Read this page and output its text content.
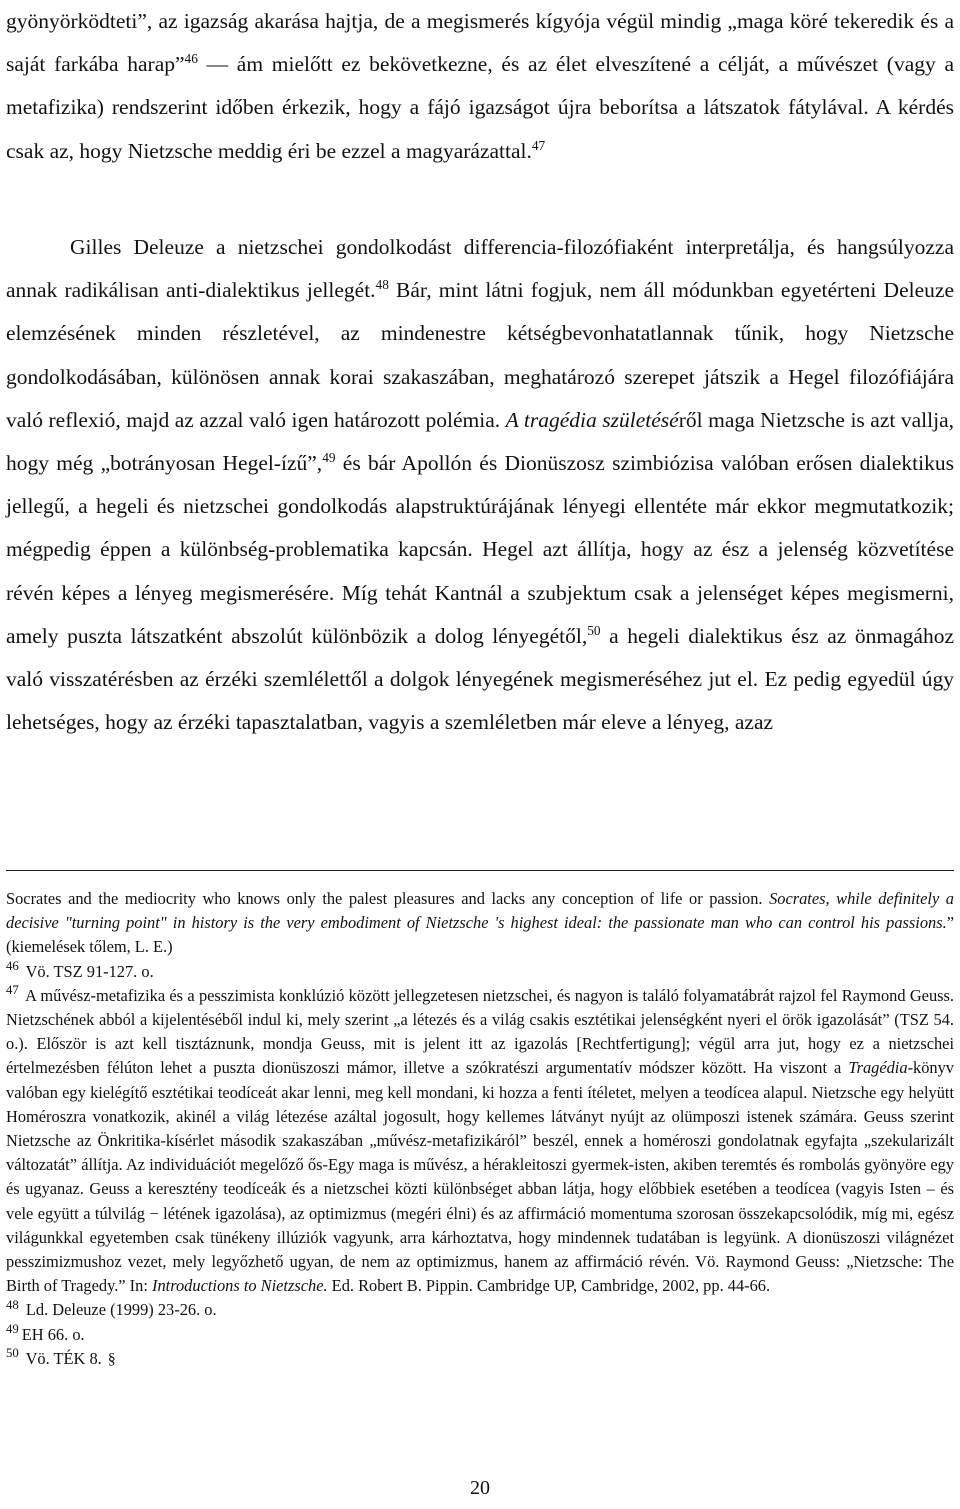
gyönyörködteti”, az igazság akarása hajtja, de a megismerés kígyója végül mindig „maga köré tekeredik és a saját farkába harap”$^{46}$ — ám mielőtt ez bekövetkezne, és az élet elveszítené a célját, a művészet (vagy a metafizika) rendszerint időben érkezik, hogy a fájó igazságot újra beborítsa a látszatok fátylával. A kérdés csak az, hogy Nietzsche meddig éri be ezzel a magyarázattal.$^{47}$

Gilles Deleuze a nietzschei gondolkodást differencia-filozófiaként interpretálja, és hangsúlyozza annak radikálisan anti-dialektikus jellegét.$^{48}$ Bár, mint látni fogjuk, nem áll módunkban egyetérteni Deleuze elemzésének minden részletével, az mindenestre kétségbevonhatatlannak tűnik, hogy Nietzsche gondolkodásában, különösen annak korai szakaszában, meghatározó szerepet játszik a Hegel filozófiájára való reflexió, majd az azzal való igen határozott polémia. A tragédia születéséről maga Nietzsche is azt vallja, hogy még „botrányosan Hegel-ízű”,$^{49}$ és bár Apollón és Dionüszosz szimbiózisa valóban erősen dialektikus jellegű, a hegeli és nietzschei gondolkodás alapstruktúrájának lényegi ellentéte már ekkor megmutatkozik; mégpedig éppen a különbség-problematika kapcsán. Hegel azt állítja, hogy az ész a jelenség közvetítése révén képes a lényeg megismerésére. Míg tehát Kantnál a szubjektum csak a jelenséget képes megismerni, amely puszta látszatként abszolút különbözik a dolog lényegétől,$^{50}$ a hegeli dialektikus ész az önmagához való visszatérésben az érzéki szemlélettől a dolgok lényegének megismeréséhez jut el. Ez pedig egyedül úgy lehetséges, hogy az érzéki tapasztalatban, vagyis a szemléletben már eleve a lényeg, azaz

Socrates and the mediocrity who knows only the palest pleasures and lacks any conception of life or passion. Socrates, while definitely a decisive "turning point" in history is the very embodiment of Nietzsche 's highest ideal: the passionate man who can control his passions.” (kiemelések tőlem, L. E.)

$^{46}$ Vö. TSZ 91-127. o.

$^{47}$ A művész-metafizika és a pesszimista konklúzió között jellegzetesen nietzschei, és nagyon is találó folyamatábrát rajzol fel Raymond Geuss. Nietzschének abból a kijelentéséből indul ki, mely szerint „a létezés és a világ csakis esztétikai jelenségként nyeri el örök igazolását” (TSZ 54. o.). Először is azt kell tisztáznunk, mondja Geuss, mit is jelent itt az igazolás [Rechtfertigung]; végül arra jut, hogy ez a nietzschei értelmezésben félúton lehet a puszta dionüszoszi mámor, illetve a szókratészi argumentatív módszer között. Ha viszont a Tragédia-könyv valóban egy kielégítő esztétikai teodíceát akar lenni, meg kell mondani, ki hozza a fenti ítéletet, melyen a teodícea alapul. Nietzsche egy helyütt Homéroszra vonatkozik, akinél a világ létezése azáltal jogosult, hogy kellemes látványt nyújt az olümposzi istenek számára. Geuss szerint Nietzsche az Önkritika-kísérlet második szakaszában „művész-metafizikáról” beszél, ennek a homéroszi gondolatnak egyfajta „szekularizált változatát” állítja. Az individuációt megelőző ős-Egy maga is művész, a hérakleitoszi gyermek-isten, akiben teremtés és rombolás gyönyöre egy és ugyanaz. Geuss a keresztény teodíceák és a nietzschei közti különbséget abban látja, hogy előbbiek esetében a teodícea (vagyis Isten – és vele együtt a túlvilág − létének igazolása), az optimizmus (megéri élni) és az affirmáció momentuma szorosan összekapcsolódik, míg mi, egész világunkkal egyetemben csak tünékeny illúziók vagyunk, arra kárhoztatva, hogy mindennek tudatában is legyünk. A dionüszoszi világnézet pesszimizmushoz vezet, mely legyőzhető ugyan, de nem az optimizmus, hanem az affirmáció révén. Vö. Raymond Geuss: „Nietzsche: The Birth of Tragedy.” In: Introductions to Nietzsche. Ed. Robert B. Pippin. Cambridge UP, Cambridge, 2002, pp. 44-66.

$^{48}$ Ld. Deleuze (1999) 23-26. o.

$^{49}$ EH 66. o.

$^{50}$ Vö. TÉK 8. §

20
